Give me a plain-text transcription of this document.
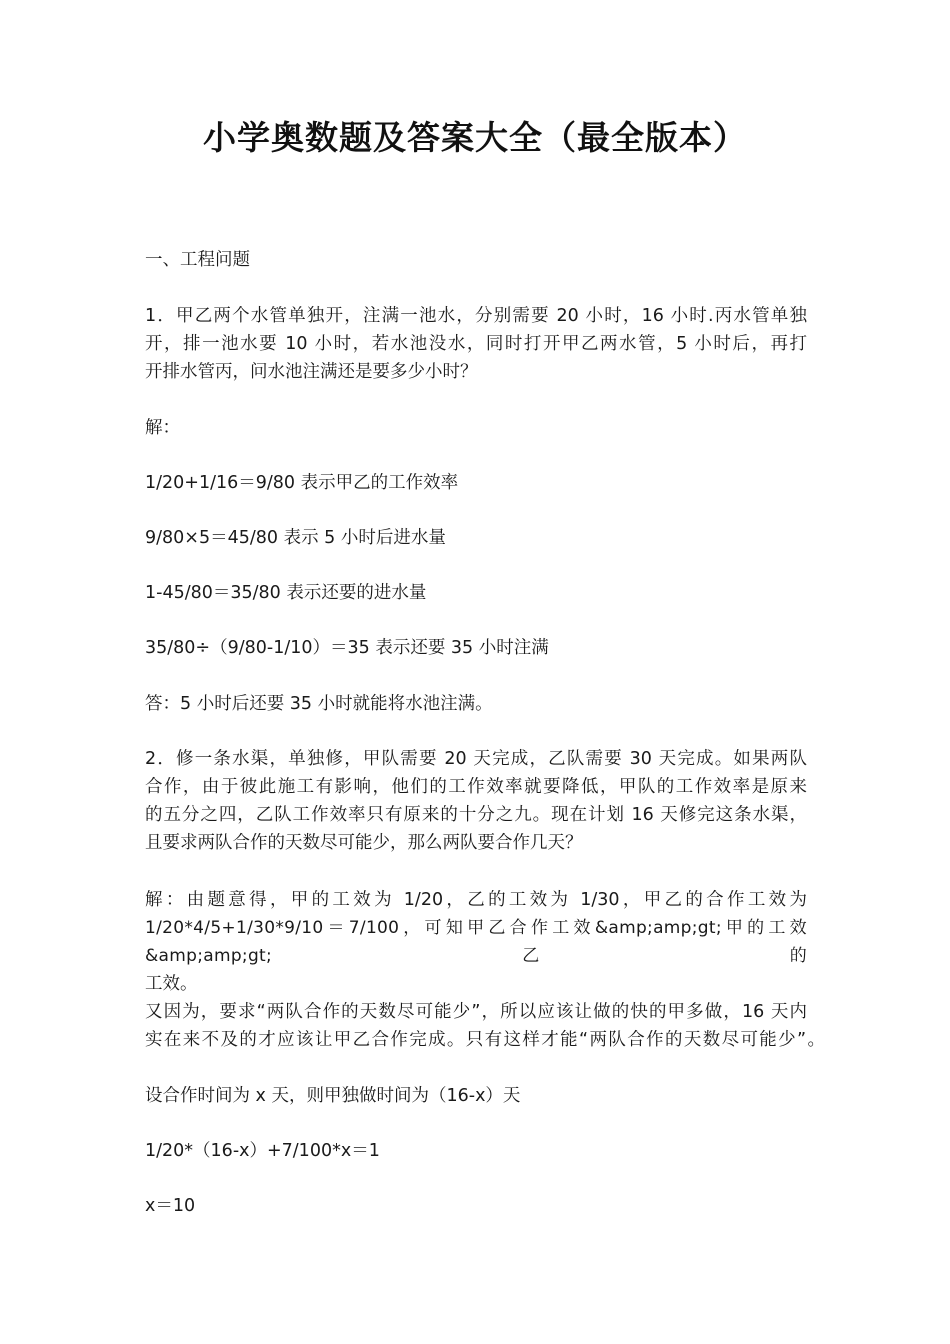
小学奥数题及答案大全（最全版本）
一、工程问题
1．甲乙两个水管单独开，注满一池水，分别需要 20 小时，16 小时.丙水管单独
开，排一池水要 10 小时，若水池没水，同时打开甲乙两水管，5 小时后，再打
开排水管丙，问水池注满还是要多少小时？
解：
1/20+1/16＝9/80 表示甲乙的工作效率
9/80×5＝45/80 表示 5 小时后进水量
1-45/80＝35/80 表示还要的进水量
35/80÷（9/80-1/10）＝35 表示还要 35 小时注满
答：5 小时后还要 35 小时就能将水池注满。
2．修一条水渠，单独修，甲队需要 20 天完成，乙队需要 30 天完成。如果两队
合作，由于彼此施工有影响，他们的工作效率就要降低，甲队的工作效率是原来
的五分之四，乙队工作效率只有原来的十分之九。现在计划 16 天修完这条水渠，
且要求两队合作的天数尽可能少，那么两队要合作几天？
解：由题意得，甲的工效为 1/20，乙的工效为 1/30，甲乙的合作工效为
1/20*4/5+1/30*9/10＝7/100，可知甲乙合作工效&amp;amp;gt;甲的工效&amp;amp;gt;乙的
工效。
又因为，要求“两队合作的天数尽可能少”，所以应该让做的快的甲多做，16 天内
实在来不及的才应该让甲乙合作完成。只有这样才能“两队合作的天数尽可能少”。
设合作时间为 x 天，则甲独做时间为（16-x）天
1/20*（16-x）+7/100*x＝1
x＝10
